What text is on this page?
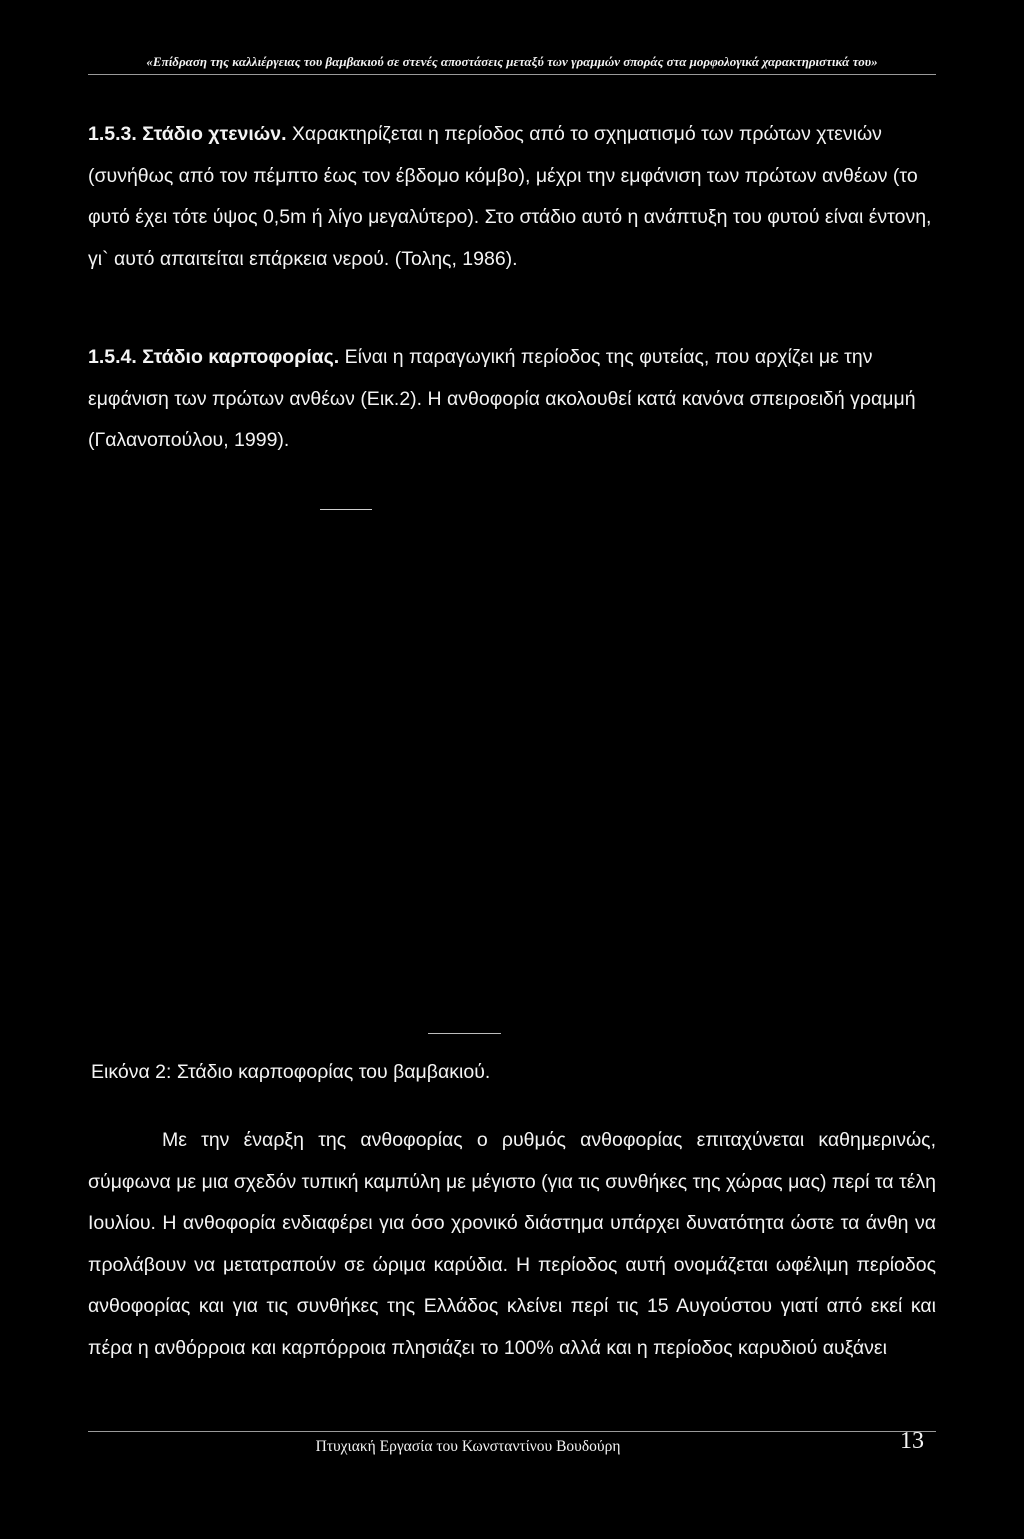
«Επίδραση της καλλιέργειας του βαμβακιού σε στενές αποστάσεις μεταξύ των γραμμών σποράς στα μορφολογικά χαρακτηριστικά του»
1.5.3. Στάδιο χτενιών. Χαρακτηρίζεται η περίοδος από το σχηματισμό των πρώτων χτενιών (συνήθως από τον πέμπτο έως τον έβδομο κόμβο), μέχρι την εμφάνιση των πρώτων ανθέων (το φυτό έχει τότε ύψος 0,5m ή λίγο μεγαλύτερο). Στο στάδιο αυτό η ανάπτυξη του φυτού είναι έντονη, γι` αυτό απαιτείται επάρκεια νερού. (Τολης, 1986).
1.5.4. Στάδιο καρποφορίας. Είναι η παραγωγική περίοδος της φυτείας, που αρχίζει με την εμφάνιση των πρώτων ανθέων (Εικ.2). Η ανθοφορία ακολουθεί κατά κανόνα σπειροειδή γραμμή (Γαλανοπούλου, 1999).
Εικόνα 2: Στάδιο καρποφορίας του βαμβακιού.
Με την έναρξη της ανθοφορίας ο ρυθμός ανθοφορίας επιταχύνεται καθημερινώς, σύμφωνα με μια σχεδόν τυπική καμπύλη με μέγιστο (για τις συνθήκες της χώρας μας) περί τα τέλη Ιουλίου. Η ανθοφορία ενδιαφέρει για όσο χρονικό διάστημα υπάρχει δυνατότητα ώστε τα άνθη να προλάβουν να μετατραπούν σε ώριμα καρύδια. Η περίοδος αυτή ονομάζεται ωφέλιμη περίοδος ανθοφορίας και για τις συνθήκες της Ελλάδος κλείνει περί τις 15 Αυγούστου γιατί από εκεί και πέρα η ανθόρροια και καρπόρροια πλησιάζει το 100% αλλά και η περίοδος καρυδιού αυξάνει
Πτυχιακή Εργασία του Κωνσταντίνου Βουδούρη	13
